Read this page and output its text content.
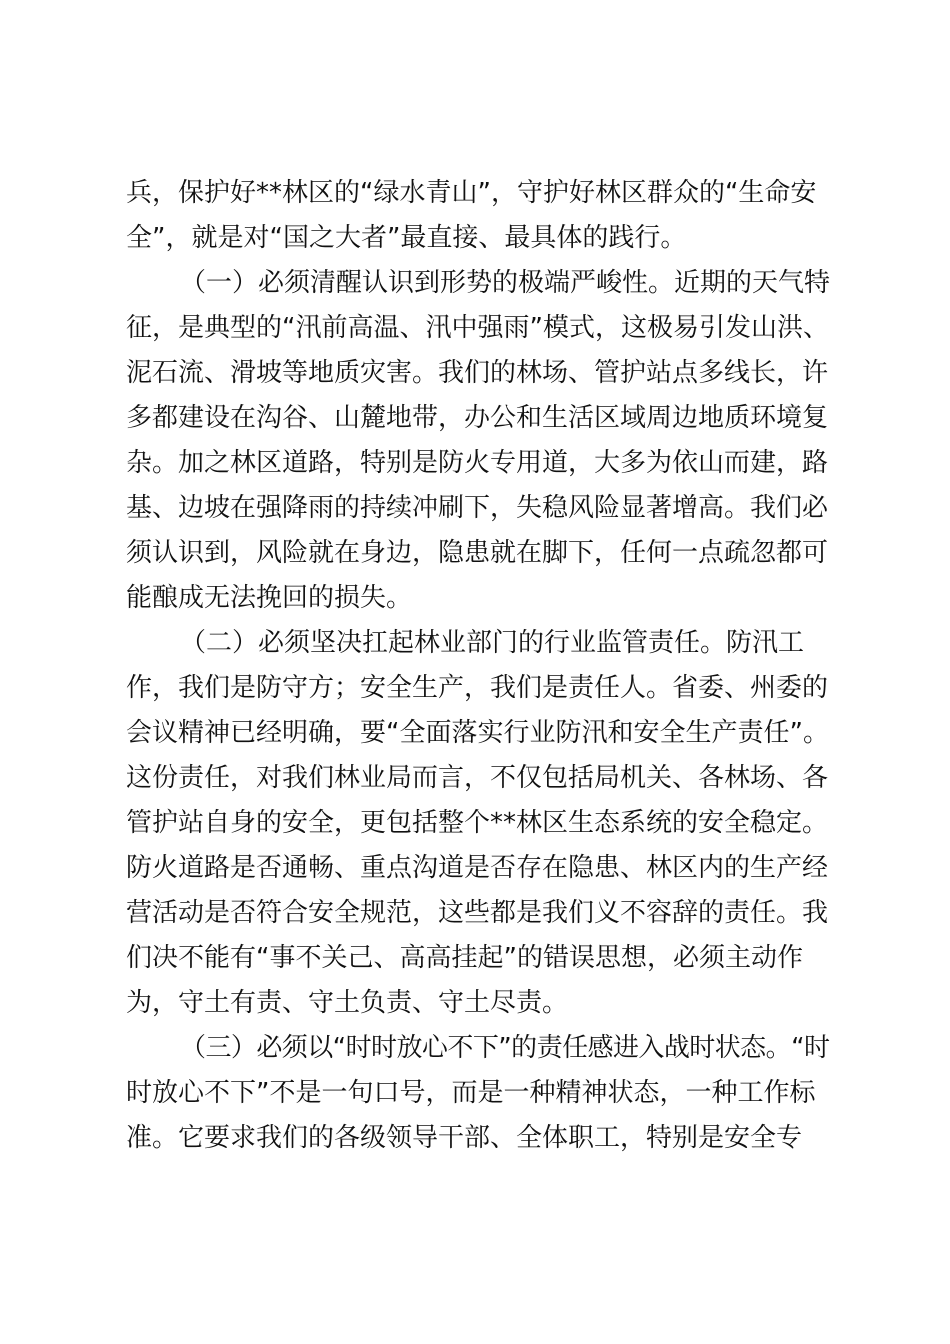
兵，保护好**林区的“绿水青山”，守护好林区群众的“生命安
全”，就是对“国之大者”最直接、最具体的践行。
（一）必须清醒认识到形势的极端严峻性。近期的天气特
征，是典型的“汛前高温、汛中强雨”模式，这极易引发山洪、
泥石流、滑坡等地质灾害。我们的林场、管护站点多线长，许
多都建设在沟谷、山麓地带，办公和生活区域周边地质环境复
杂。加之林区道路，特别是防火专用道，大多为依山而建，路
基、边坡在强降雨的持续冲刷下，失稳风险显著增高。我们必
须认识到，风险就在身边，隐患就在脚下，任何一点疏忽都可
能酿成无法挽回的损失。
（二）必须坚决扛起林业部门的行业监管责任。防汛工
作，我们是防守方；安全生产，我们是责任人。省委、州委的
会议精神已经明确，要“全面落实行业防汛和安全生产责任”。
这份责任，对我们林业局而言，不仅包括局机关、各林场、各
管护站自身的安全，更包括整个**林区生态系统的安全稳定。
防火道路是否通畅、重点沟道是否存在隐患、林区内的生产经
营活动是否符合安全规范，这些都是我们义不容辞的责任。我
们决不能有“事不关己、高高挂起”的错误思想，必须主动作
为，守土有责、守土负责、守土尽责。
（三）必须以“时时放心不下”的责任感进入战时状态。“时
时放心不下”不是一句口号，而是一种精神状态，一种工作标
准。它要求我们的各级领导干部、全体职工，特别是安全专
